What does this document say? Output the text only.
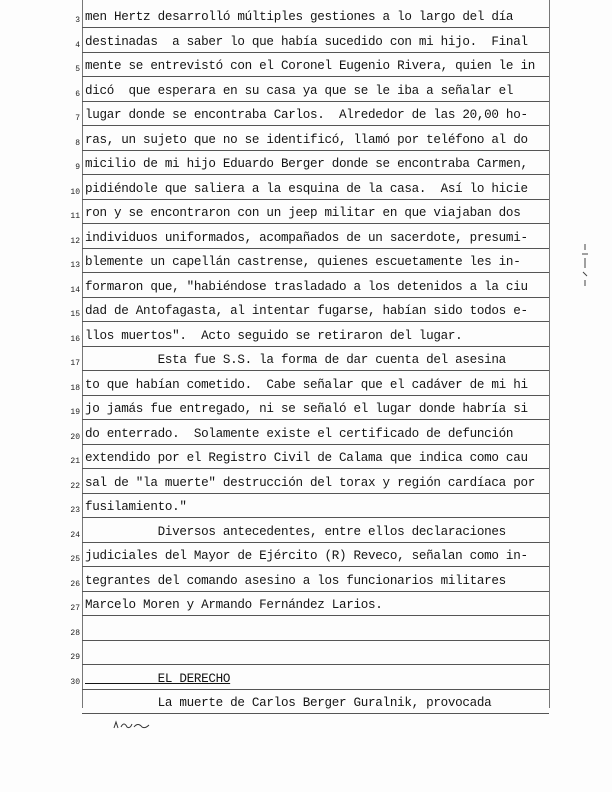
3 men Hertz desarrolló múltiples gestiones a lo largo del día
4 destinadas  a saber lo que había sucedido con mi hijo.  Final
5 mente se entrevistó con el Coronel Eugenio Rivera, quien le in
6 dicó  que esperara en su casa ya que se le iba a señalar el
7 lugar donde se encontraba Carlos.  Alrededor de las 20,00 ho-
8 ras, un sujeto que no se identificó, llamó por teléfono al do
9 micilio de mi hijo Eduardo Berger donde se encontraba Carmen,
10 pidiéndole que saliera a la esquina de la casa.  Así lo hicie
11 ron y se encontraron con un jeep militar en que viajaban dos
12 individuos uniformados, acompañados de un sacerdote, presumi-
13 blemente un capellán castrense, quienes escuetamente les in-
14 formaron que, "habiéndose trasladado a los detenidos a la ciu
15 dad de Antofagasta, al intentar fugarse, habían sido todos e-
16 llos muertos".  Acto seguido se retiraron del lugar.
17 Esta fue S.S. la forma de dar cuenta del asesina
18 to que habían cometido.  Cabe señalar que el cadáver de mi hi
19 jo jamás fue entregado, ni se señaló el lugar donde habría si
20 do enterrado.  Solamente existe el certificado de defunción
21 extendido por el Registro Civil de Calama que indica como cau
22 sal de "la muerte" destrucción del torax y región cardíaca por
23 fusilamiento."
24 Diversos antecedentes, entre ellos declaraciones
25 judiciales del Mayor de Ejército (R) Reveco, señalan como in-
26 tegrantes del comando asesino a los funcionarios militares
27 Marcelo Moren y Armando Fernández Larios.
28
29
30 EL DERECHO
La muerte de Carlos Berger Guralnik, provocada
